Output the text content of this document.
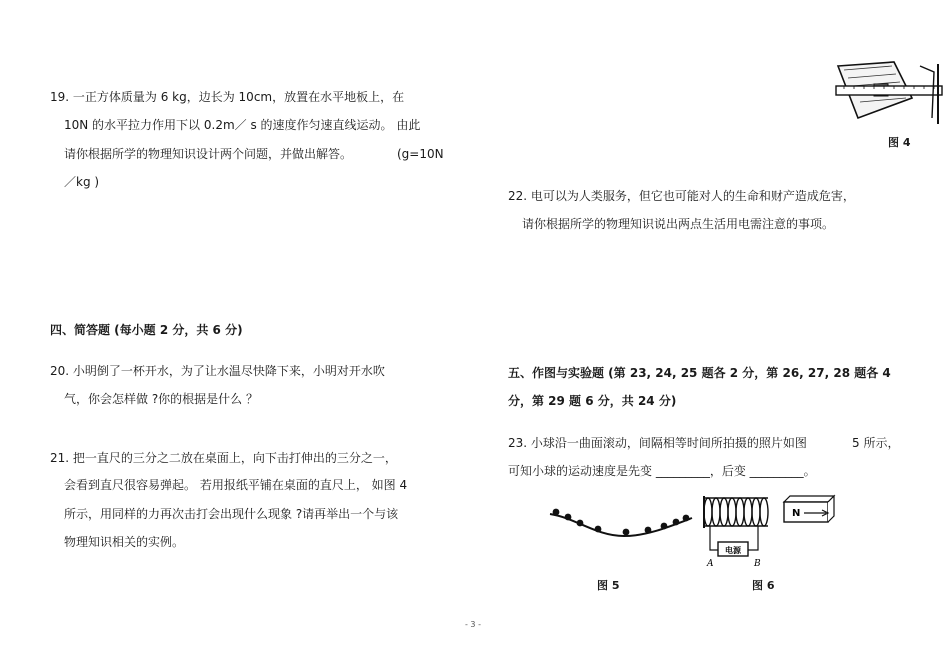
19. 一正方体质量为 6 kg，边长为 10cm，放置在水平地板上，在
10N 的水平拉力作用下以 0.2m／ s 的速度作匀速直线运动。 由此
请你根据所学的物理知识设计两个问题，并做出解答。	(g=10N
／kg )
四、简答题 (每小题 2 分，共 6 分)
20. 小明倒了一杯开水，为了让水温尽快降下来，小明对开水吹
气，你会怎样做 ?你的根据是什么 ？
21. 把一直尺的三分之二放在桌面上，向下击打伸出的三分之一，
会看到直尺很容易弹起。 若用报纸平铺在桌面的直尺上， 如图 4
所示，用同样的力再次击打会出现什么现象 ?请再举出一个与该
物理知识相关的实例。
图 4
22. 电可以为人类服务，但它也可能对人的生命和财产造成危害，
请你根据所学的物理知识说出两点生活用电需注意的事项。
五、作图与实验题 (第 23, 24, 25 题各 2 分，第 26, 27, 28 题各 4
分，第 29 题 6 分，共 24 分)
23. 小球沿一曲面滚动，间隔相等时间所拍摄的照片如图	5 所示，
可知小球的运动速度是先变 _________，后变 _________。
图 5
电源
A	B
N
图 6
- 3 -
